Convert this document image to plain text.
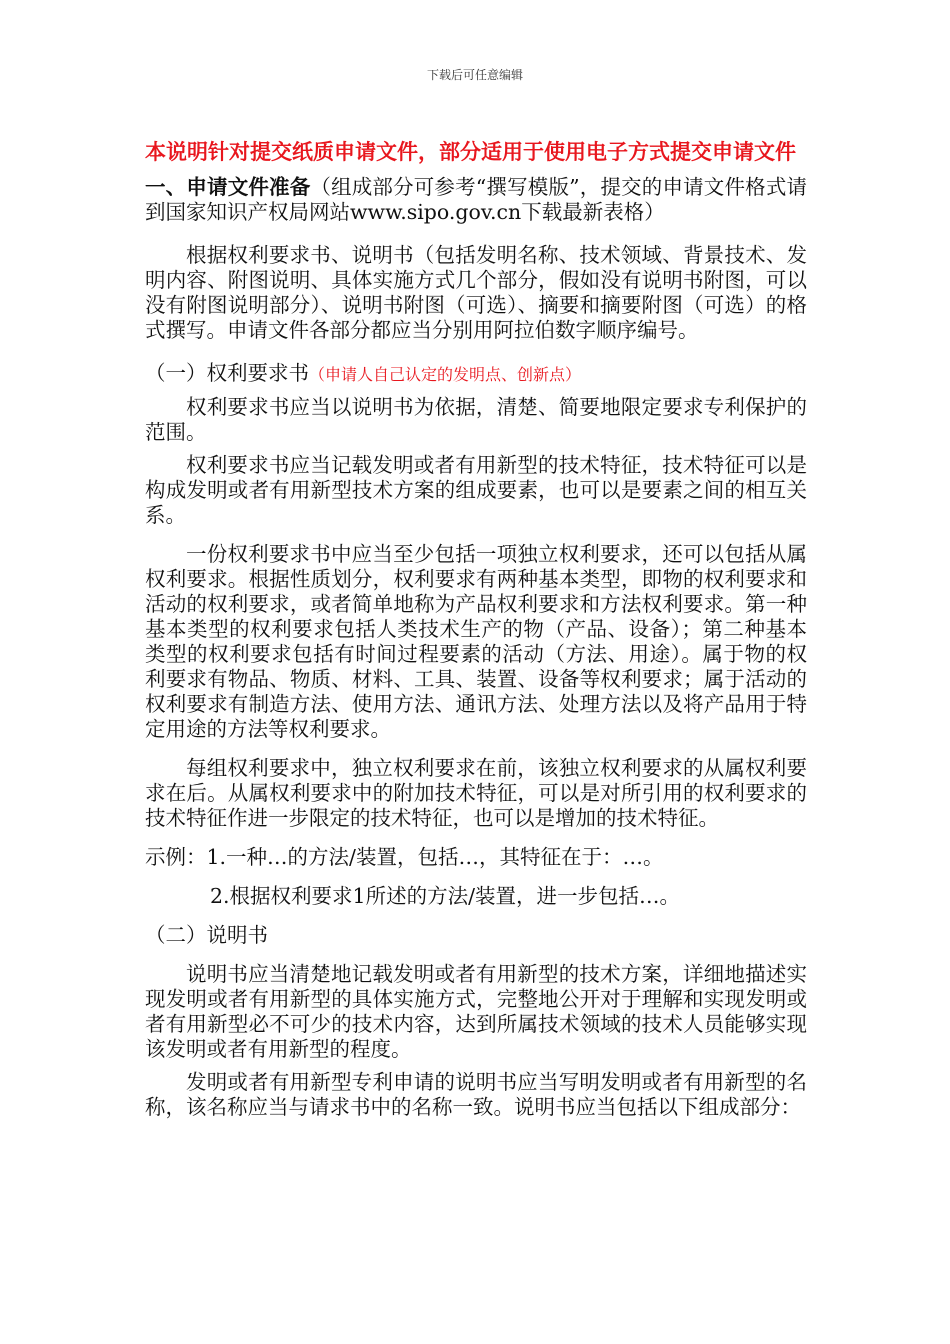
下载后可任意编辑

本说明针对提交纸质申请文件，部分适用于使用电子方式提交申请文件

一、申请文件准备（组成部分可参考“撰写模版”，提交的申请文件格式请到国家知识产权局网站www.sipo.gov.cn下载最新表格）

根据权利要求书、说明书（包括发明名称、技术领域、背景技术、发明内容、附图说明、具体实施方式几个部分，假如没有说明书附图，可以没有附图说明部分）、说明书附图（可选）、摘要和摘要附图（可选）的格式撰写。申请文件各部分都应当分别用阿拉伯数字顺序编号。

（一）权利要求书（申请人自己认定的发明点、创新点）

权利要求书应当以说明书为依据，清楚、简要地限定要求专利保护的范围。

权利要求书应当记载发明或者有用新型的技术特征，技术特征可以是构成发明或者有用新型技术方案的组成要素，也可以是要素之间的相互关系。

一份权利要求书中应当至少包括一项独立权利要求，还可以包括从属权利要求。根据性质划分，权利要求有两种基本类型，即物的权利要求和活动的权利要求，或者简单地称为产品权利要求和方法权利要求。第一种基本类型的权利要求包括人类技术生产的物（产品、设备）；第二种基本类型的权利要求包括有时间过程要素的活动（方法、用途）。属于物的权利要求有物品、物质、材料、工具、装置、设备等权利要求；属于活动的权利要求有制造方法、使用方法、通讯方法、处理方法以及将产品用于特定用途的方法等权利要求。

每组权利要求中，独立权利要求在前，该独立权利要求的从属权利要求在后。从属权利要求中的附加技术特征，可以是对所引用的权利要求的技术特征作进一步限定的技术特征，也可以是增加的技术特征。

示例：1.一种…的方法/装置，包括…，其特征在于：…。

2.根据权利要求1所述的方法/装置，进一步包括…。

（二）说明书

说明书应当清楚地记载发明或者有用新型的技术方案，详细地描述实现发明或者有用新型的具体实施方式，完整地公开对于理解和实现发明或者有用新型必不可少的技术内容，达到所属技术领域的技术人员能够实现该发明或者有用新型的程度。

发明或者有用新型专利申请的说明书应当写明发明或者有用新型的名称，该名称应当与请求书中的名称一致。说明书应当包括以下组成部分：
